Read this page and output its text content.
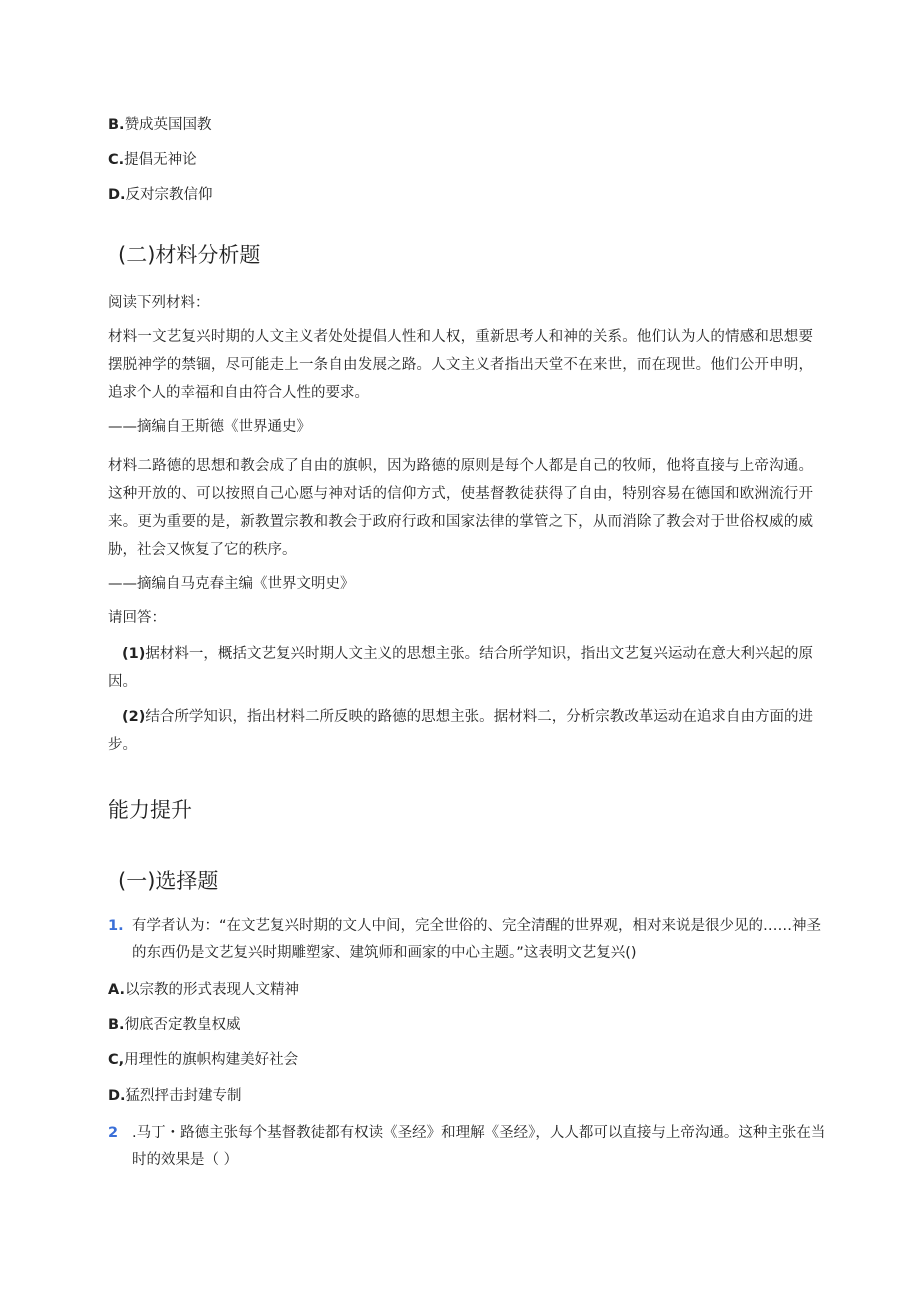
B.赞成英国国教
C.提倡无神论
D.反对宗教信仰
(二)材料分析题
阅读下列材料：
材料一文艺复兴时期的人文主义者处处提倡人性和人权，重新思考人和神的关系。他们认为人的情感和思想要摆脱神学的禁锢，尽可能走上一条自由发展之路。人文主义者指出天堂不在来世，而在现世。他们公开申明，追求个人的幸福和自由符合人性的要求。
——摘编自王斯德《世界通史》
材料二路德的思想和教会成了自由的旗帜，因为路德的原则是每个人都是自己的牧师，他将直接与上帝沟通。这种开放的、可以按照自己心愿与神对话的信仰方式，使基督教徒获得了自由，特别容易在德国和欧洲流行开来。更为重要的是，新教置宗教和教会于政府行政和国家法律的掌管之下，从而消除了教会对于世俗权威的威胁，社会又恢复了它的秩序。
——摘编自马克春主编《世界文明史》
请回答：
(1)据材料一，概括文艺复兴时期人文主义的思想主张。结合所学知识，指出文艺复兴运动在意大利兴起的原因。
(2)结合所学知识，指出材料二所反映的路德的思想主张。据材料二，分析宗教改革运动在追求自由方面的进步。
能力提升
(一)选择题
1. 有学者认为：“在文艺复兴时期的文人中间，完全世俗的、完全清醒的世界观，相对来说是很少见的……神圣的东西仍是文艺复兴时期雕塑家、建筑师和画家的中心主题。”这表明文艺复兴()
A.以宗教的形式表现人文精神
B.彻底否定教皇权威
C,用理性的旗帜构建美好社会
D.猛烈抨击封建专制
2 .马丁・路德主张每个基督教徒都有权读《圣经》和理解《圣经》，人人都可以直接与上帝沟通。这种主张在当时的效果是（ ）
